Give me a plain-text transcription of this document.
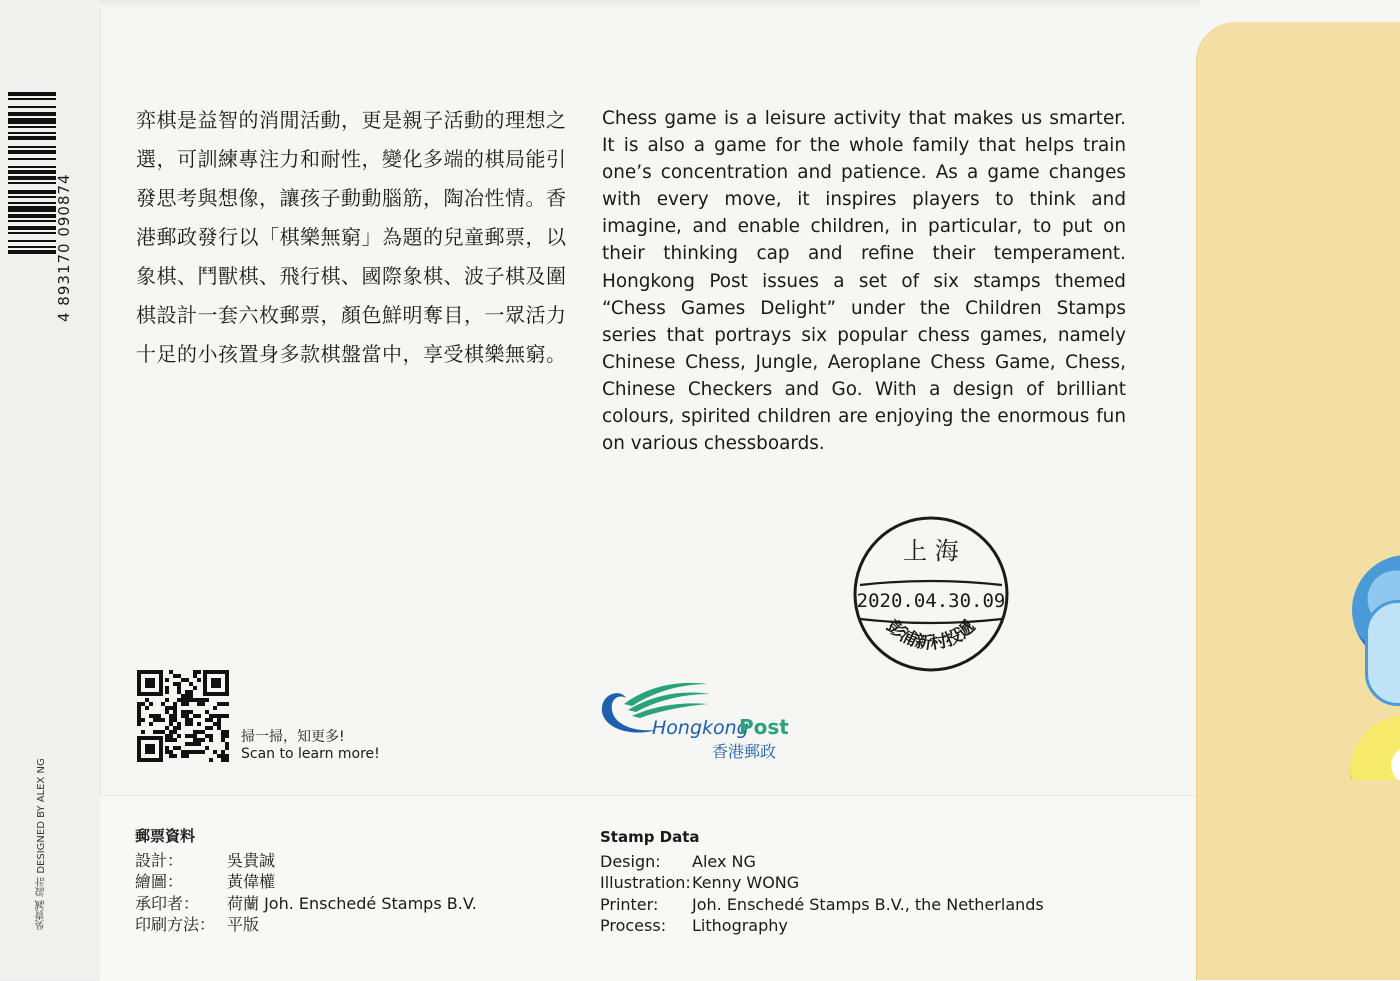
4 893170 090874
吳貴誠 設計 DESIGNED BY ALEX NG
弈棋是益智的消閒活動，更是親子活動的理想之選，可訓練專注力和耐性，變化多端的棋局能引發思考與想像，讓孩子動動腦筋，陶冶性情。香港郵政發行以「棋樂無窮」為題的兒童郵票，以象棋、鬥獸棋、飛行棋、國際象棋、波子棋及圍棋設計一套六枚郵票，顏色鮮明奪目，一眾活力十足的小孩置身多款棋盤當中，享受棋樂無窮。
Chess game is a leisure activity that makes us smarter. It is also a game for the whole family that helps train one’s concentration and patience. As a game changes with every move, it inspires players to think and imagine, and enable children, in particular, to put on their thinking cap and refine their temperament. Hongkong Post issues a set of six stamps themed “Chess Games Delight” under the Children Stamps series that portrays six popular chess games, namely Chinese Chess, Jungle, Aeroplane Chess Game, Chess, Chinese Checkers and Go. With a design of brilliant colours, spirited children are enjoying the enormous fun on various chessboards.
上 海
2020.04.30.09
彭浦新村投遞
掃一掃，知更多!
Scan to learn more!
Hongkong
Post
香港郵政
郵票資料
設計：	吳貴誠
繪圖：	黃偉權
承印者：	荷蘭 Joh. Enschedé Stamps B.V.
印刷方法： 平版
Stamp Data
Design:	Alex NG
Illustration: Kenny WONG
Printer:	Joh. Enschedé Stamps B.V., the Netherlands
Process:	Lithography
